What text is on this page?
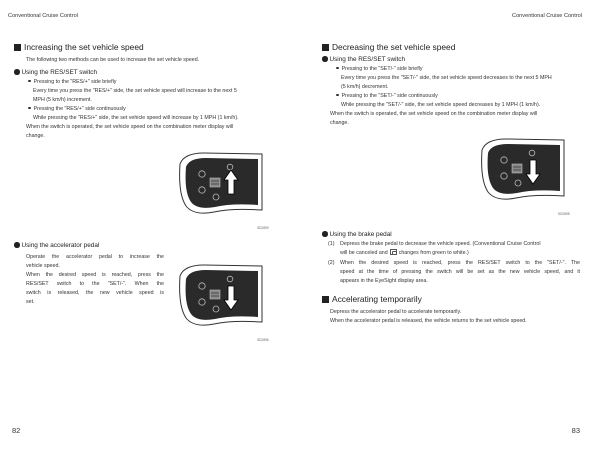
Conventional Cruise Control
Increasing the set vehicle speed
The following two methods can be used to increase the set vehicle speed.
Using the RES/SET switch
Pressing to the "RES/+" side briefly
Every time you press the "RES/+" side, the set vehicle speed will increase to the next 5
MPH (5 km/h) increment.
Pressing the "RES/+" side continuously
While pressing the "RES/+" side, the set vehicle speed will increase by 1 MPH (1 km/h).
When the switch is operated, the set vehicle speed on the combination meter display will
change.
SD2899
Using the accelerator pedal
Operate the accelerator pedal to increase the
vehicle speed.
When the desired speed is reached, press the
RES/SET switch to the "SET/-". When the
switch is released, the new vehicle speed is
set.
SD2896
82
Conventional Cruise Control
Decreasing the set vehicle speed
Using the RES/SET switch
Pressing to the "SET/-" side briefly
Every time you press the "SET/-" side, the set vehicle speed decreases to the next 5 MPH
(5 km/h) decrement.
Pressing to the "SET/-" side continuously
While pressing the "SET/-" side, the set vehicle speed decreases by 1 MPH (1 km/h).
When the switch is operated, the set vehicle speed on the combination meter display will
change.
SD2898
Using the brake pedal
(1) Depress the brake pedal to decrease the vehicle speed. (Conventional Cruise Control
will be canceled and changes from green to white.)
(2) When the desired speed is reached, press the RES/SET switch to the "SET/-". The
speed at the time of pressing the switch will be set as the new vehicle speed, and it
appears in the EyeSight display area.
Accelerating temporarily
Depress the accelerator pedal to accelerate temporarily.
When the accelerator pedal is released, the vehicle returns to the set vehicle speed.
83
